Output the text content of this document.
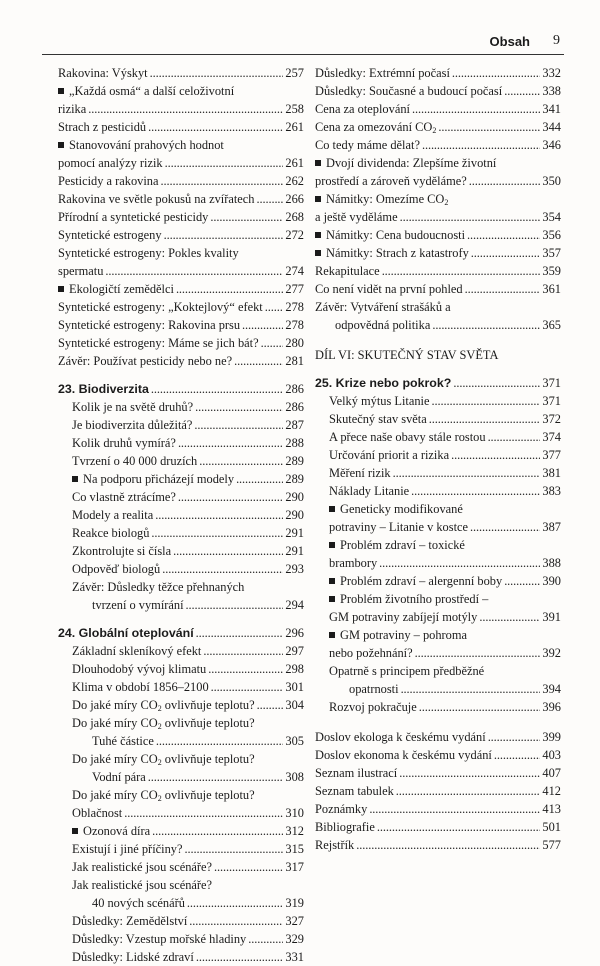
Obsah 9
Rakovina: Výskyt . . .	257
„Každá osmá“ a další celoživotní
rizika . . .	258
Strach z pesticidů . . .	261
Stanovování prahových hodnot
pomocí analýzy rizik . . .	261
Pesticidy a rakovina . . .	262
Rakovina ve světle pokusů na zvířatech . . . 266
Přírodní a syntetické pesticidy . . .	268
Syntetické estrogeny . . .	272
Syntetické estrogeny: Pokles kvality
spermatu . . .	274
Ekologičtí zemědělci . . .	277
Syntetické estrogeny: „Koktejlový“ efekt . . . 278
Syntetické estrogeny: Rakovina prsu . . .	278
Syntetické estrogeny: Máme se jich bát? . . . 280
Závěr: Používat pesticidy nebo ne? . . .	281
23. Biodiverzita . . .	286
Kolik je na světě druhů? . . .	286
Je biodiverzita důležitá? . . .	287
Kolik druhů vymírá? . . .	288
Tvrzení o 40 000 druzích . . .	289
Na podporu přicházejí modely . . .	289
Co vlastně ztrácíme? . . .	290
Modely a realita . . .	290
Reakce biologů . . .	291
Zkontrolujte si čísla . . .	291
Odpověď biologů . . .	293
Závěr: Důsledky těžce přehnaných
tvrzení o vymírání . . .	294
24. Globální oteplování . . .	296
Základní skleníkový efekt . . .	297
Dlouhodobý vývoj klimatu . . .	298
Klima v období 1856–2100 . . .	301
Do jaké míry $CO_2$ ovlivňuje teplotu? . . . 304
Do jaké míry $CO_2$ ovlivňuje teplotu?
Tuhé částice . . .	305
Do jaké míry $CO_2$ ovlivňuje teplotu?
Vodní pára . . .	308
Do jaké míry $CO_2$ ovlivňuje teplotu?
Oblačnost . . .	310
Ozonová díra . . .	312
Existují i jiné příčiny? . . .	315
Jak realistické jsou scénáře? . . .	317
Jak realistické jsou scénáře?
40 nových scénářů . . .	319
Důsledky: Zemědělství . . .	327
Důsledky: Vzestup mořské hladiny . . .	329
Důsledky: Lidské zdraví . . .	331
Důsledky: Extrémní počasí . . .	332
Důsledky: Současné a budoucí počasí . . .	338
Cena za oteplování . . .	341
Cena za omezování $CO_2$ . . .	344
Co tedy máme dělat? . . .	346
Dvojí dividenda: Zlepšíme životní
prostředí a zároveň vyděláme? . . .	350
Námitky: Omezíme $CO_2$
a ještě vyděláme . . .	354
Námitky: Cena budoucnosti . . .	356
Námitky: Strach z katastrofy . . .	357
Rekapitulace . . .	359
Co není vidět na první pohled . . .	361
Závěr: Vytváření strašáků a
odpovědná politika . . .	365
DÍL VI: SKUTEČNÝ STAV SVĚTA
25. Krize nebo pokrok? . . .	371
Velký mýtus Litanie . . .	371
Skutečný stav světa . . .	372
A přece naše obavy stále rostou . . .	374
Určování priorit a rizika . . .	377
Měření rizik . . .	381
Náklady Litanie . . .	383
Geneticky modifikované
potraviny – Litanie v kostce . . .	387
Problém zdraví – toxické
brambory . . .	388
Problém zdraví – alergenní boby . . .	390
Problém životního prostředí –
GM potraviny zabíjejí motýly . . .	391
GM potraviny – pohroma
nebo požehnání? . . .	392
Opatrně s principem předběžné
opatrnosti . . .	394
Rozvoj pokračuje . . .	396
Doslov ekologa k českému vydání . . .	399
Doslov ekonoma k českému vydání . . .	403
Seznam ilustrací . . .	407
Seznam tabulek . . .	412
Poznámky . . .	413
Bibliografie . . .	501
Rejstřík . . .	577
